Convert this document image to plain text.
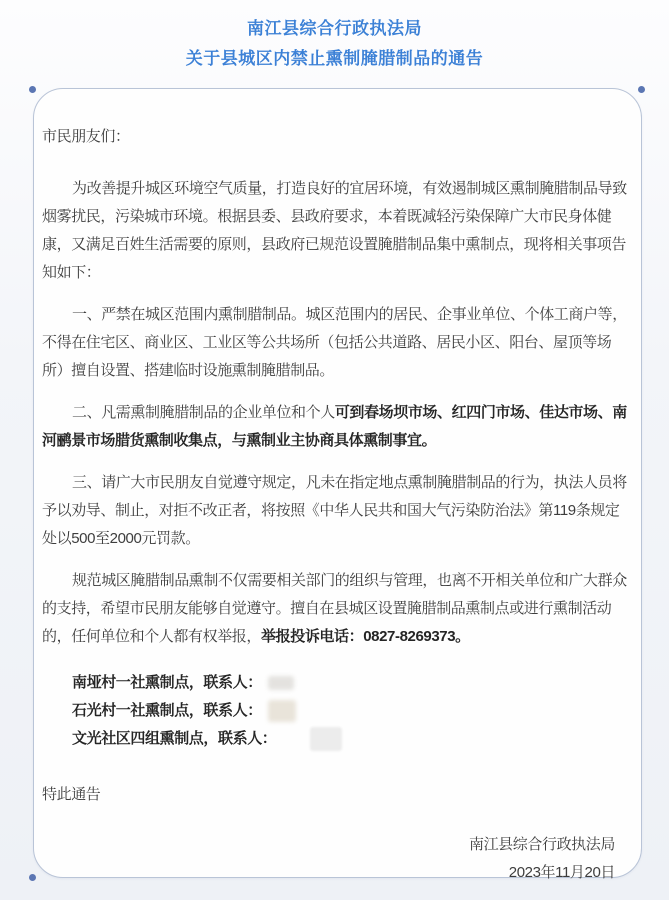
南江县综合行政执法局
关于县城区内禁止熏制腌腊制品的通告

市民朋友们：

为改善提升城区环境空气质量，打造良好的宜居环境，有效遏制城区熏制腌腊制品导致烟雾扰民，污染城市环境。根据县委、县政府要求，本着既减轻污染保障广大市民身体健康，又满足百姓生活需要的原则，县政府已规范设置腌腊制品集中熏制点，现将相关事项告知如下：

一、严禁在城区范围内熏制腊制品。城区范围内的居民、企事业单位、个体工商户等，不得在住宅区、商业区、工业区等公共场所（包括公共道路、居民小区、阳台、屋顶等场所）擅自设置、搭建临时设施熏制腌腊制品。

二、凡需熏制腌腊制品的企业单位和个人可到春场坝市场、红四门市场、佳达市场、南河鹂景市场腊货熏制收集点，与熏制业主协商具体熏制事宜。

三、请广大市民朋友自觉遵守规定，凡未在指定地点熏制腌腊制品的行为，执法人员将予以劝导、制止，对拒不改正者，将按照《中华人民共和国大气污染防治法》第119条规定处以500至2000元罚款。

规范城区腌腊制品熏制不仅需要相关部门的组织与管理，也离不开相关单位和广大群众的支持，希望市民朋友能够自觉遵守。擅自在县城区设置腌腊制品熏制点或进行熏制活动的，任何单位和个人都有权举报，举报投诉电话：0827-8269373。

南垭村一社熏制点，联系人：

石光村一社熏制点，联系人：

文光社区四组熏制点，联系人：

特此通告

南江县综合行政执法局

2023年11月20日
